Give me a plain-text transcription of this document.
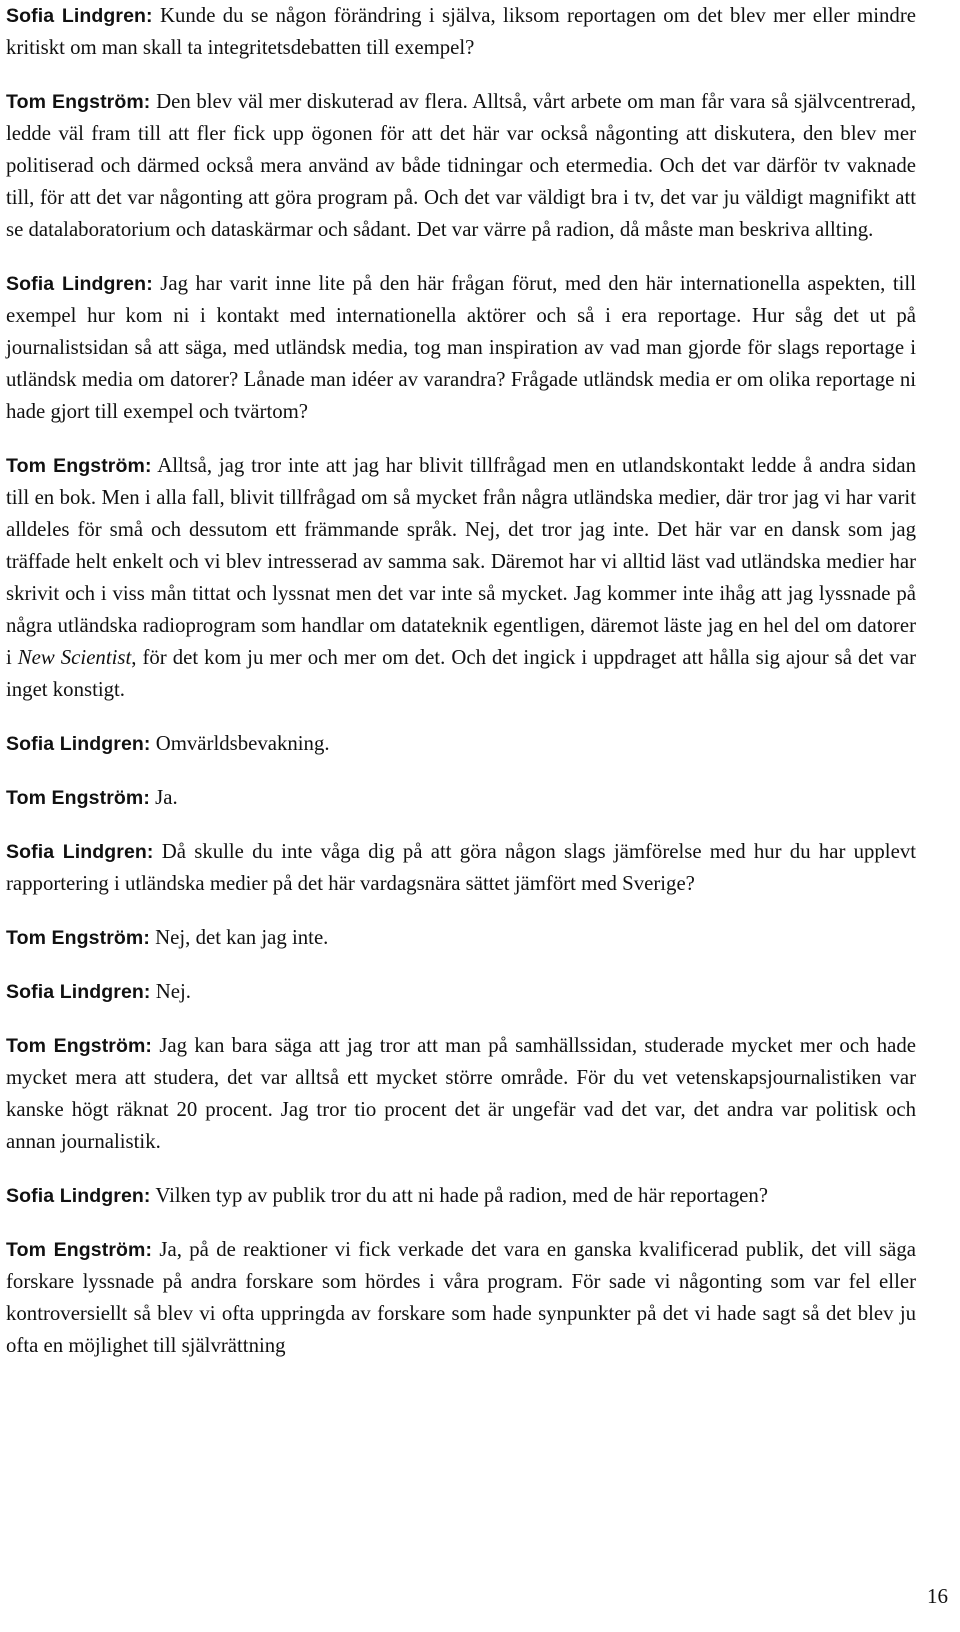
Sofia Lindgren: Kunde du se någon förändring i själva, liksom reportagen om det blev mer eller mindre kritiskt om man skall ta integritetsdebatten till exempel?

Tom Engström: Den blev väl mer diskuterad av flera. Alltså, vårt arbete om man får vara så självcentrerad, ledde väl fram till att fler fick upp ögonen för att det här var också någonting att diskutera, den blev mer politiserad och därmed också mera använd av både tidningar och etermedia. Och det var därför tv vaknade till, för att det var någonting att göra program på. Och det var väldigt bra i tv, det var ju väldigt magnifikt att se datalaboratorium och dataskärmar och sådant. Det var värre på radion, då måste man beskriva allting.

Sofia Lindgren: Jag har varit inne lite på den här frågan förut, med den här internationella aspekten, till exempel hur kom ni i kontakt med internationella aktörer och så i era reportage. Hur såg det ut på journalistsidan så att säga, med utländsk media, tog man inspiration av vad man gjorde för slags reportage i utländsk media om datorer? Lånade man idéer av varandra? Frågade utländsk media er om olika reportage ni hade gjort till exempel och tvärtom?

Tom Engström: Alltså, jag tror inte att jag har blivit tillfrågad men en utlandskontakt ledde å andra sidan till en bok. Men i alla fall, blivit tillfrågad om så mycket från några utländska medier, där tror jag vi har varit alldeles för små och dessutom ett främmande språk. Nej, det tror jag inte. Det här var en dansk som jag träffade helt enkelt och vi blev intresserad av samma sak. Däremot har vi alltid läst vad utländska medier har skrivit och i viss mån tittat och lyssnat men det var inte så mycket. Jag kommer inte ihåg att jag lyssnade på några utländska radioprogram som handlar om datateknik egentligen, däremot läste jag en hel del om datorer i New Scientist, för det kom ju mer och mer om det. Och det ingick i uppdraget att hålla sig ajour så det var inget konstigt.

Sofia Lindgren: Omvärldsbevakning.

Tom Engström: Ja.

Sofia Lindgren: Då skulle du inte våga dig på att göra någon slags jämförelse med hur du har upplevt rapportering i utländska medier på det här vardagsnära sättet jämfört med Sverige?

Tom Engström: Nej, det kan jag inte.

Sofia Lindgren: Nej.

Tom Engström: Jag kan bara säga att jag tror att man på samhällssidan, studerade mycket mer och hade mycket mera att studera, det var alltså ett mycket större område. För du vet vetenskapsjournalistiken var kanske högt räknat 20 procent. Jag tror tio procent det är ungefär vad det var, det andra var politisk och annan journalistik.

Sofia Lindgren: Vilken typ av publik tror du att ni hade på radion, med de här reportagen?

Tom Engström: Ja, på de reaktioner vi fick verkade det vara en ganska kvalificerad publik, det vill säga forskare lyssnade på andra forskare som hördes i våra program. För sade vi någonting som var fel eller kontroversiellt så blev vi ofta uppringda av forskare som hade synpunkter på det vi hade sagt så det blev ju ofta en möjlighet till självrättning

16
